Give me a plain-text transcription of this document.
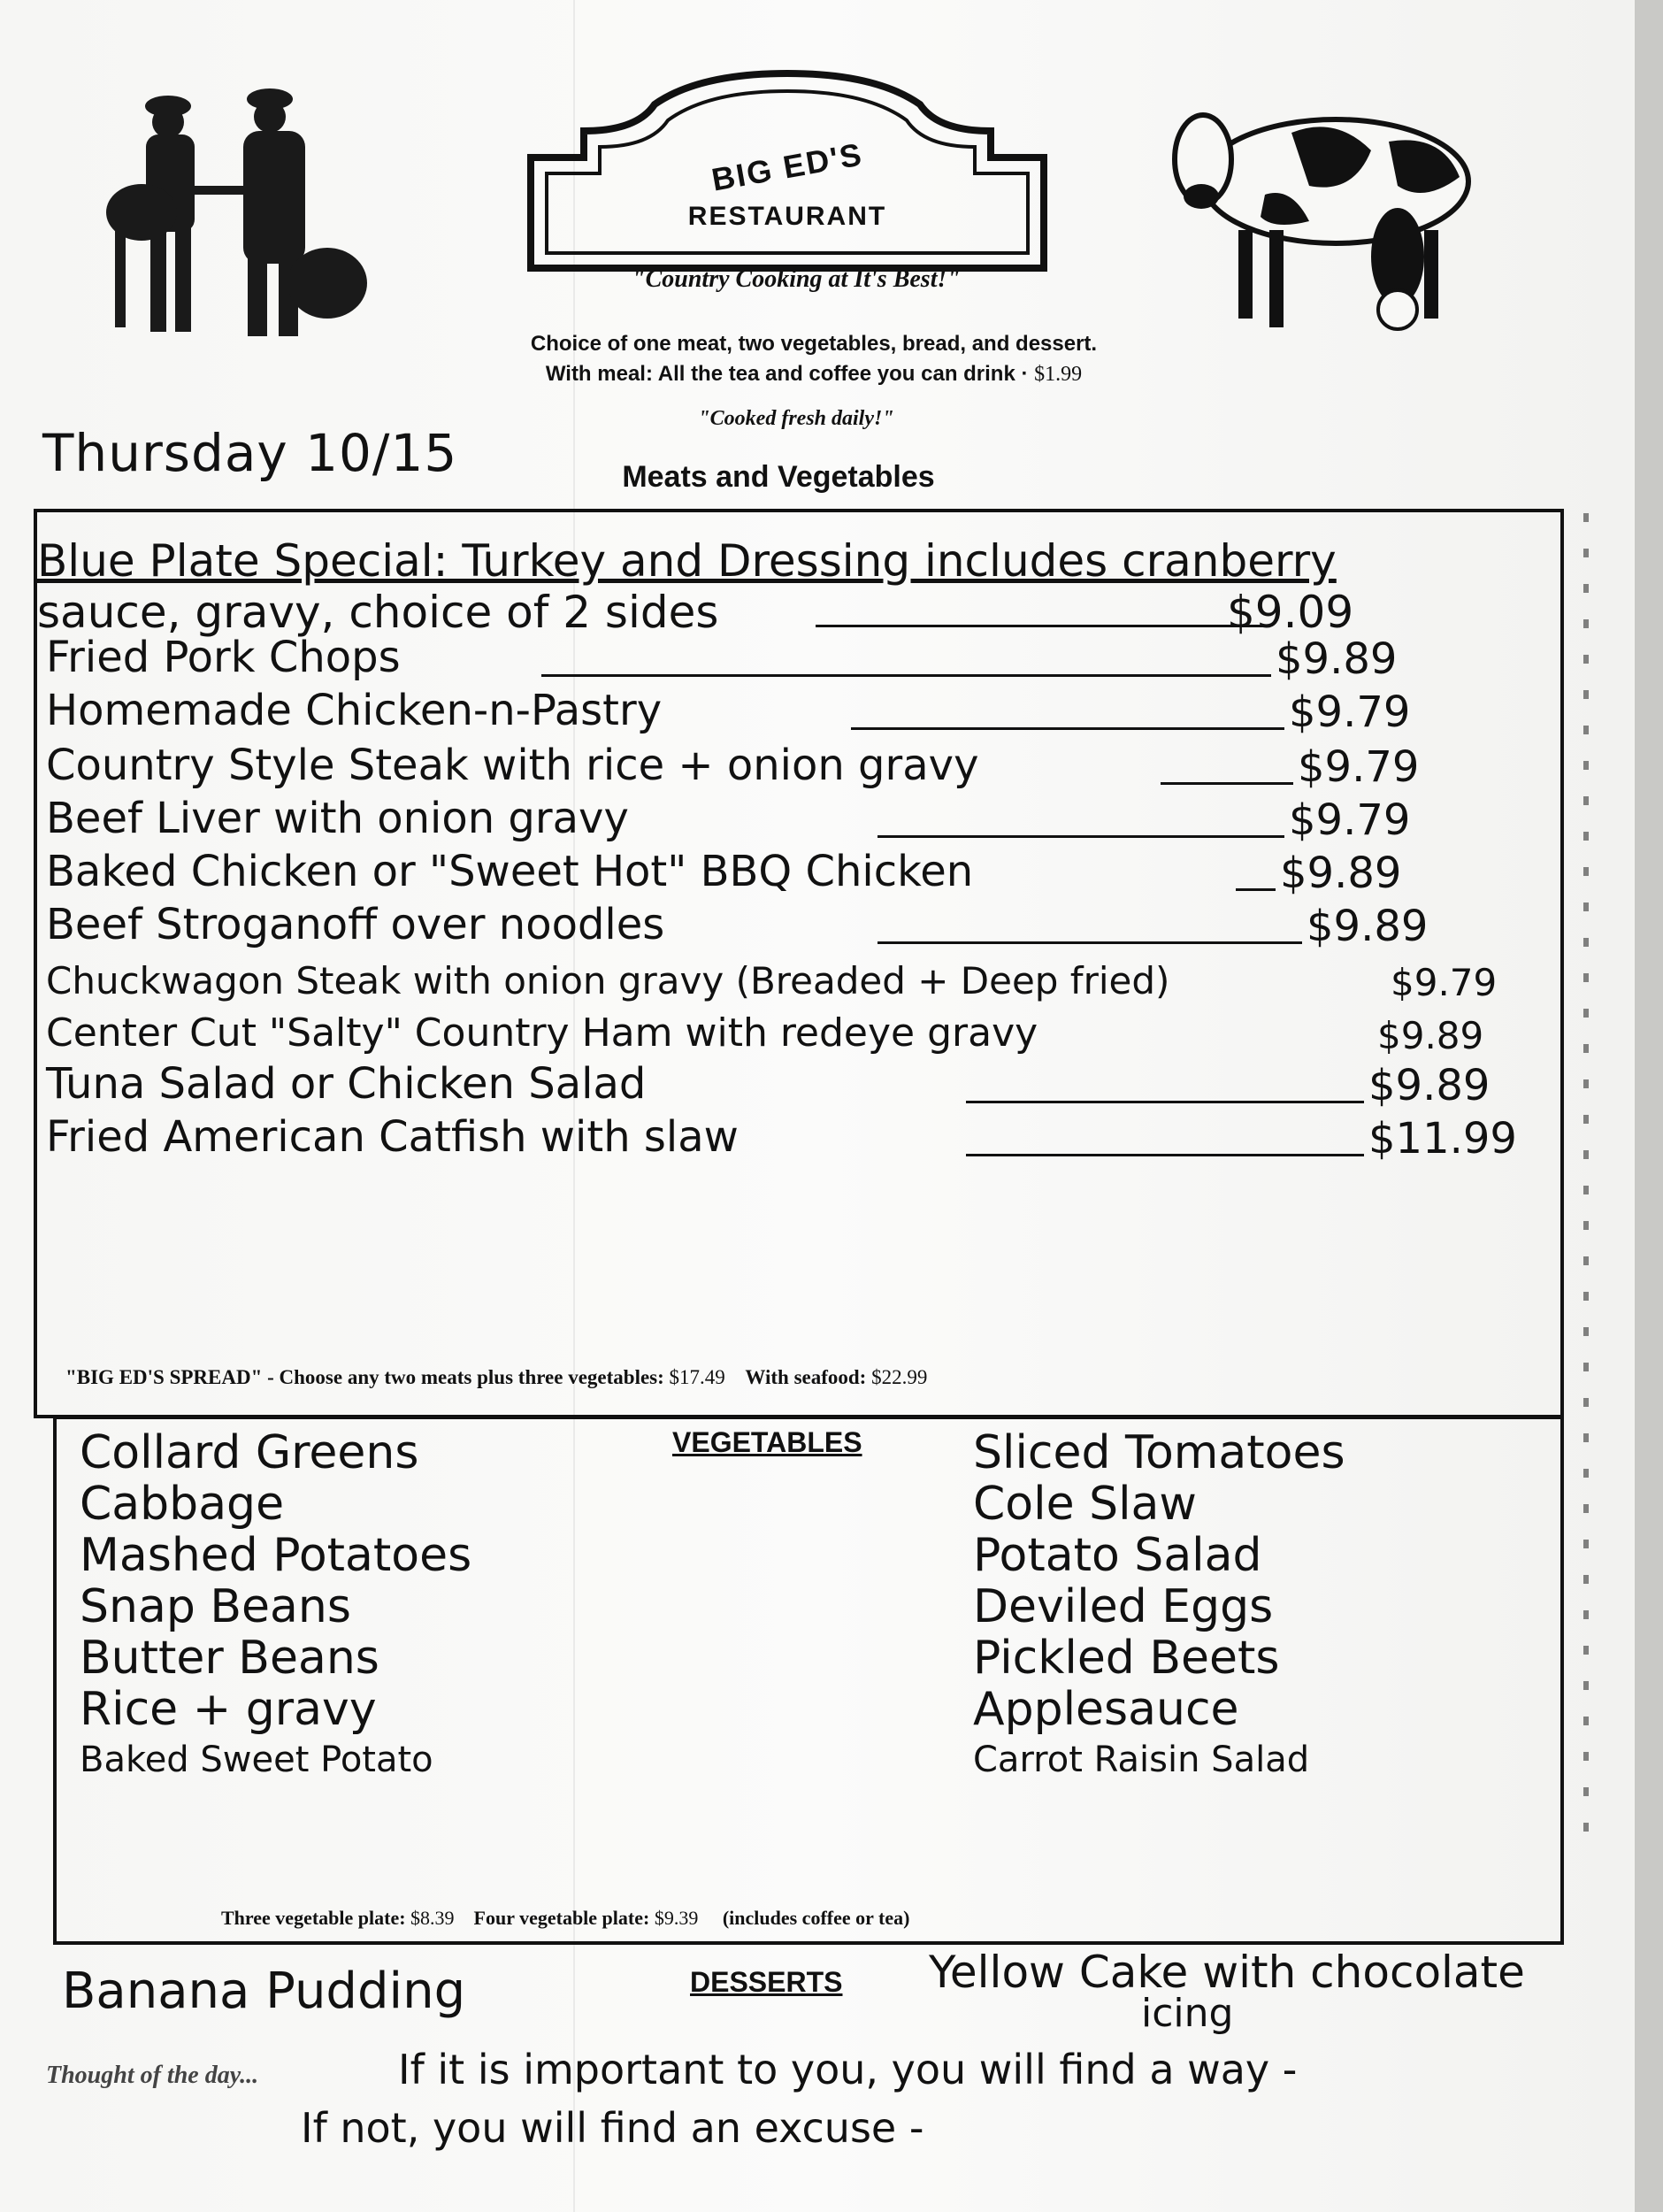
BIG ED'S
RESTAURANT
"Country Cooking at It's Best!"
Choice of one meat, two vegetables, bread, and dessert.
With meal: All the tea and coffee you can drink · $1.99
"Cooked fresh daily!"
Thursday 10/15	Meats and Vegetables
Blue Plate Special: Turkey and Dressing includes cranberry
sauce, gravy, choice of 2 sides	$9.09
Fried Pork Chops	$9.89
Homemade Chicken-n-Pastry	$9.79
Country Style Steak with rice + onion gravy	$9.79
Beef Liver with onion gravy	$9.79
Baked Chicken or "Sweet Hot" BBQ Chicken	$9.89
Beef Stroganoff over noodles	$9.89
Chuckwagon Steak with onion gravy (Breaded + Deep fried)	$9.79
Center Cut "Salty" Country Ham with redeye gravy	$9.89
Tuna Salad or Chicken Salad	$9.89
Fried American Catfish with slaw	$11.99
"BIG ED'S SPREAD" - Choose any two meats plus three vegetables: $17.49 With seafood: $22.99
VEGETABLES
Collard Greens
Cabbage
Mashed Potatoes
Snap Beans
Butter Beans
Rice + gravy
Baked Sweet Potato
Sliced Tomatoes
Cole Slaw
Potato Salad
Deviled Eggs
Pickled Beets
Applesauce
Carrot Raisin Salad
Three vegetable plate: $8.39 Four vegetable plate: $9.39 (includes coffee or tea)
Banana Pudding	DESSERTS Yellow Cake with chocolate
icing
Thought of the day...	If it is important to you, you will find a way -
If not, you will find an excuse -
